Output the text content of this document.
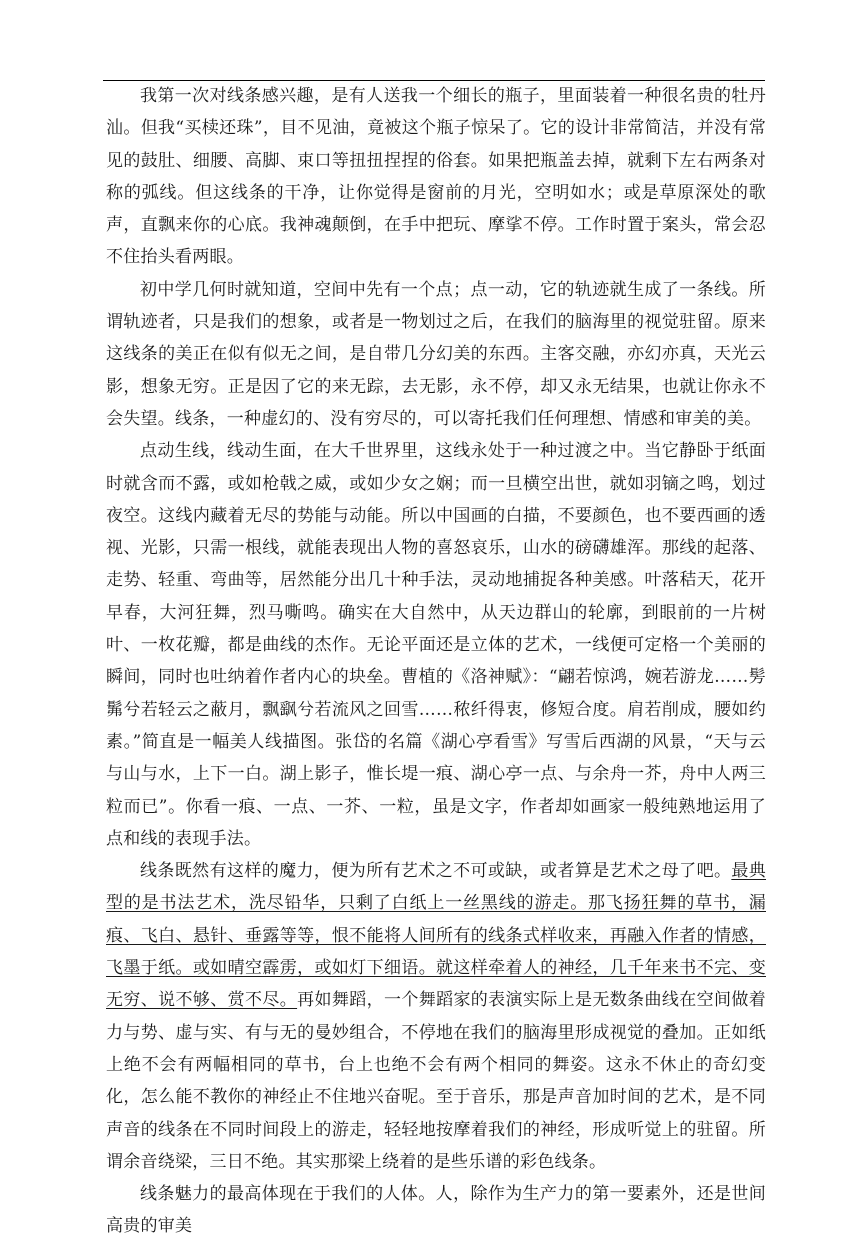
我第一次对线条感兴趣，是有人送我一个细长的瓶子，里面装着一种很名贵的牡丹汕。但我“买椟还珠”，目不见油，竟被这个瓶子惊呆了。它的设计非常简洁，并没有常见的鼓肚、细腰、高脚、束口等扭扭捏捏的俗套。如果把瓶盖去掉，就剩下左右两条对称的弧线。但这线条的干净，让你觉得是窗前的月光，空明如水；或是草原深处的歌声，直飘来你的心底。我神魂颠倒，在手中把玩、摩挲不停。工作时置于案头，常会忍不住抬头看两眼。

初中学几何时就知道，空间中先有一个点；点一动，它的轨迹就生成了一条线。所谓轨迹者，只是我们的想象，或者是一物划过之后，在我们的脑海里的视觉驻留。原来这线条的美正在似有似无之间，是自带几分幻美的东西。主客交融，亦幻亦真，天光云影，想象无穷。正是因了它的来无踪，去无影，永不停，却又永无结果，也就让你永不会失望。线条，一种虚幻的、没有穷尽的，可以寄托我们任何理想、情感和审美的美。

点动生线，线动生面，在大千世界里，这线永处于一种过渡之中。当它静卧于纸面时就含而不露，或如枪戟之威，或如少女之娴；而一旦横空出世，就如羽镝之鸣，划过夜空。这线内藏着无尽的势能与动能。所以中国画的白描，不要颜色，也不要西画的透视、光影，只需一根线，就能表现出人物的喜怒哀乐，山水的磅礴雄浑。那线的起落、走势、轻重、弯曲等，居然能分出几十种手法，灵动地捕捉各种美感。叶落秸天，花开早春，大河狂舞，烈马嘶鸣。确实在大自然中，从天边群山的轮廓，到眼前的一片树叶、一枚花瓣，都是曲线的杰作。无论平面还是立体的艺术，一线便可定格一个美丽的瞬间，同时也吐纳着作者内心的块垒。曹植的《洛神赋》：“翩若惊鸿，婉若游龙……髣髴兮若轻云之蔽月，飘飖兮若流风之回雪……秾纤得衷，修短合度。肩若削成，腰如约素。”简直是一幅美人线描图。张岱的名篇《湖心亭看雪》写雪后西湖的风景，“天与云与山与水，上下一白。湖上影子，惟长堤一痕、湖心亭一点、与余舟一芥，舟中人两三粒而已”。你看一痕、一点、一芥、一粒，虽是文字，作者却如画家一般纯熟地运用了点和线的表现手法。

线条既然有这样的魔力，便为所有艺术之不可或缺，或者算是艺术之母了吧。最典型的是书法艺术，洗尽铅华，只剩了白纸上一丝黑线的游走。那飞扬狂舞的草书，漏痕、飞白、悬针、垂露等等，恨不能将人间所有的线条式样收来，再融入作者的情感，飞墨于纸。或如晴空霹雳，或如灯下细语。就这样牵着人的神经，几千年来书不完、变无穷、说不够、赏不尽。再如舞蹈，一个舞蹈家的表演实际上是无数条曲线在空间做着力与势、虚与实、有与无的曼妙组合，不停地在我们的脑海里形成视觉的叠加。正如纸上绝不会有两幅相同的草书，台上也绝不会有两个相同的舞姿。这永不休止的奇幻变化，怎么能不教你的神经止不住地兴奋呢。至于音乐，那是声音加时间的艺术，是不同声音的线条在不同时间段上的游走，轻轻地按摩着我们的神经，形成听觉上的驻留。所谓余音绕梁，三日不绝。其实那梁上绕着的是些乐谱的彩色线条。

线条魅力的最高体现在于我们的人体。人，除作为生产力的第一要素外，还是世间高贵的审美
